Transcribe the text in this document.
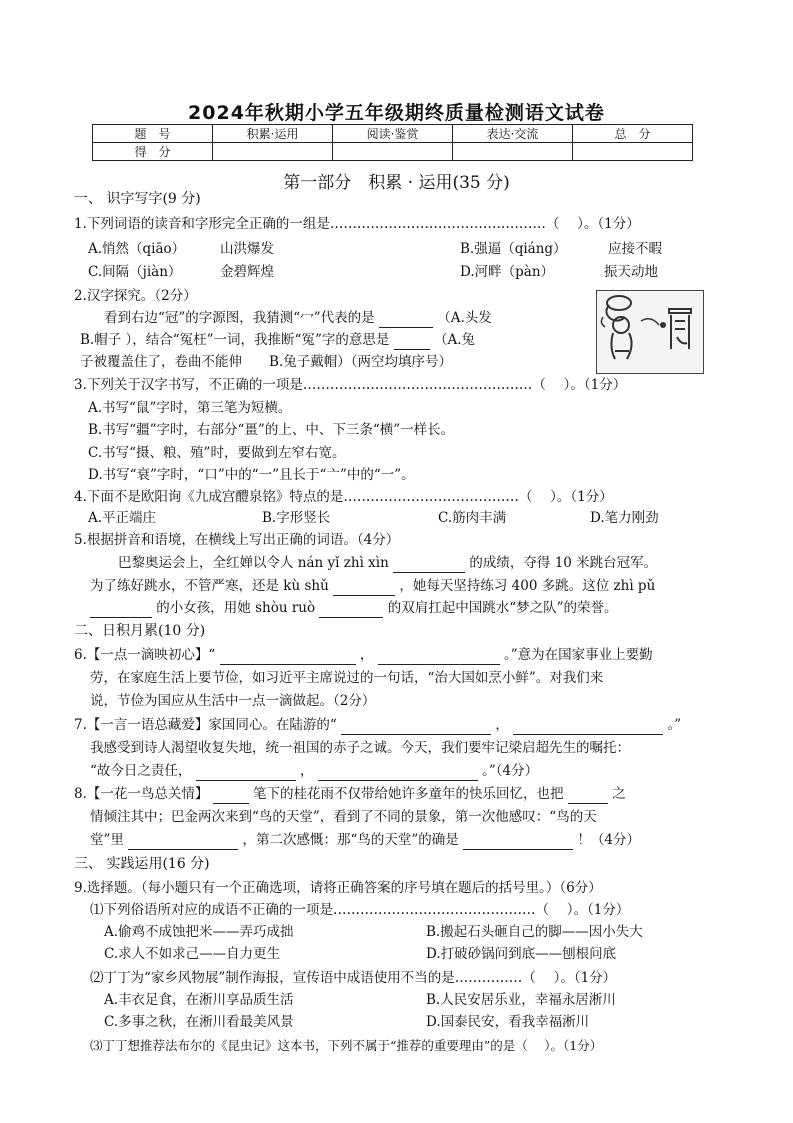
2024年秋期小学五年级期终质量检测语文试卷
题　号	积累·运用	阅读·鉴赏	表达·交流	总　分
得　分				
第一部分　积累 · 运用(35 分)
一、 识字写字(9 分)
1.下列词语的读音和字形完全正确的一组是…………………………………………（　 ）。（1分）
A.悄然（qiāo）	山洪爆发	B.强逼（qiáng）	应接不暇
C.间隔（jiàn）	金碧辉煌	D.河畔（pàn）	振天动地
2.汉字探究。（2分）
看到右边“冠”的字源图，我猜测“冖”代表的是	（A.头发
B.帽子 ），结合“冤枉”一词，我推断“冤”字的意思是	（A.兔
子被覆盖住了，卷曲不能伸　　B.兔子戴帽）（两空均填序号）
3.下列关于汉字书写，不正确的一项是……………………………………………（　 ）。（1分）
A.书写“鼠”字时，第三笔为短横。
B.书写“疆”字时，右部分“畺”的上、中、下三条“横”一样长。
C.书写“摄、粮、殖”时，要做到左窄右宽。
D.书写“衰”字时，“口”中的“一”且长于“亠”中的“一”。
4.下面不是欧阳询《九成宫醴泉铭》特点的是…………………………………（　 ）。（1分）
A.平正端庄	B.字形竖长	C.筋肉丰满	D.笔力刚劲
5.根据拼音和语境，在横线上写出正确的词语。（4分）
巴黎奥运会上，全红婵以令人 nán yǐ zhì xìn	的成绩，夺得 10 米跳台冠军。
为了练好跳水，不管严寒，还是 kù shǔ	，她每天坚持练习 400 多跳。这位 zhì pǔ
的小女孩，用她 shòu ruò	的双肩扛起中国跳水“梦之队”的荣誉。
二、日积月累(10 分)
6.【一点一滴映初心】“	，	。”意为在国家事业上要勤
劳，在家庭生活上要节俭，如习近平主席说过的一句话，“治大国如烹小鲜”。对我们来
说，节俭为国应从生活中一点一滴做起。（2分）
7.【一言一语总藏爱】家国同心。在陆游的“	，	。”
我感受到诗人渴望收复失地，统一祖国的赤子之诚。今天，我们要牢记梁启超先生的嘱托：
“故今日之责任，	，	。”（4分）
8.【一花一鸟总关情】	笔下的桂花雨不仅带给她许多童年的快乐回忆，也把	之
情倾注其中；巴金两次来到“鸟的天堂”，看到了不同的景象，第一次他感叹：“鸟的天
堂”里	，第二次感慨：那“鸟的天堂”的确是	！（4分）
三、 实践运用(16 分)
9.选择题。（每小题只有一个正确选项，请将正确答案的序号填在题后的括号里。）（6分）
⑴下列俗语所对应的成语不正确的一项是………………………………………（　 ）。（1分）
A.偷鸡不成蚀把米——弄巧成拙	B.搬起石头砸自己的脚——因小失大
C.求人不如求己——自力更生	D.打破砂锅问到底——刨根问底
⑵丁丁为“家乡风物展”制作海报，宣传语中成语使用不当的是……………（　 ）。（1分）
A.丰衣足食，在淅川享品质生活	B.人民安居乐业，幸福永居淅川
C.多事之秋，在淅川看最美风景	D.国泰民安，看我幸福淅川
⑶丁丁想推荐法布尔的《昆虫记》这本书，下列不属于“推荐的重要理由”的是（　 ）。（1分）
